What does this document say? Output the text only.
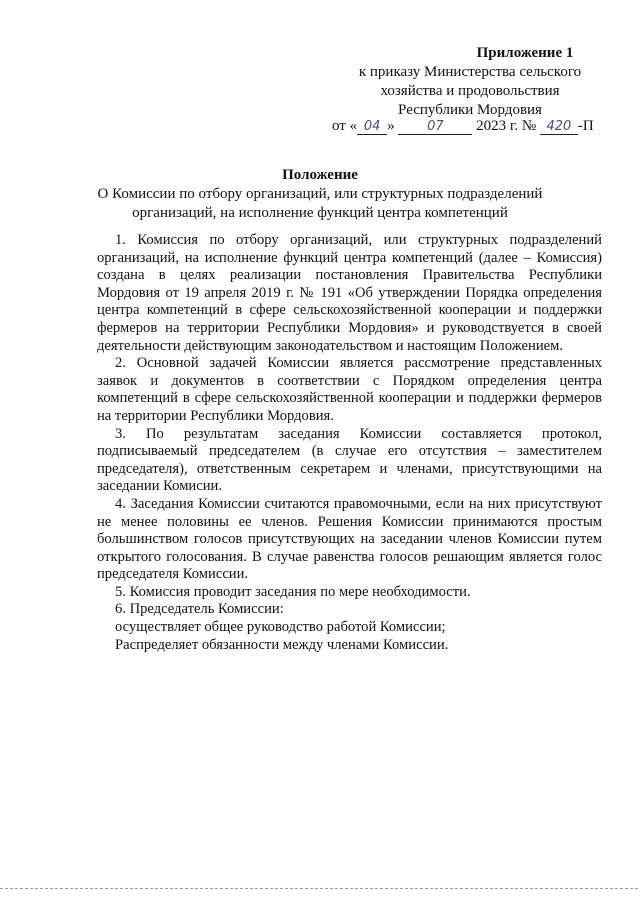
Приложение 1
к приказу Министерства сельского
хозяйства и продовольствия
Республики Мордовия
от « 04 » 07 2023 г. № 420 -П
Положение
О Комиссии по отбору организаций, или структурных подразделений
организаций, на исполнение функций центра компетенций

1. Комиссия по отбору организаций, или структурных подразделений организаций, на исполнение функций центра компетенций (далее – Комиссия) создана в целях реализации постановления Правительства Республики Мордовия от 19 апреля 2019 г. № 191 «Об утверждении Порядка определения центра компетенций в сфере сельскохозяйственной кооперации и поддержки фермеров на территории Республики Мордовия» и руководствуется в своей деятельности действующим законодательством и настоящим Положением.

2. Основной задачей Комиссии является рассмотрение представленных заявок и документов в соответствии с Порядком определения центра компетенций в сфере сельскохозяйственной кооперации и поддержки фермеров на территории Республики Мордовия.

3. По результатам заседания Комиссии составляется протокол, подписываемый председателем (в случае его отсутствия – заместителем председателя), ответственным секретарем и членами, присутствующими на заседании Комисии.

4. Заседания Комиссии считаются правомочными, если на них присутствуют не менее половины ее членов. Решения Комиссии принимаются простым большинством голосов присутствующих на заседании членов Комиссии путем открытого голосования. В случае равенства голосов решающим является голос председателя Комиссии.

5. Комиссия проводит заседания по мере необходимости.

6. Председатель Комиссии:

осуществляет общее руководство работой Комиссии;

Распределяет обязанности между членами Комиссии.
